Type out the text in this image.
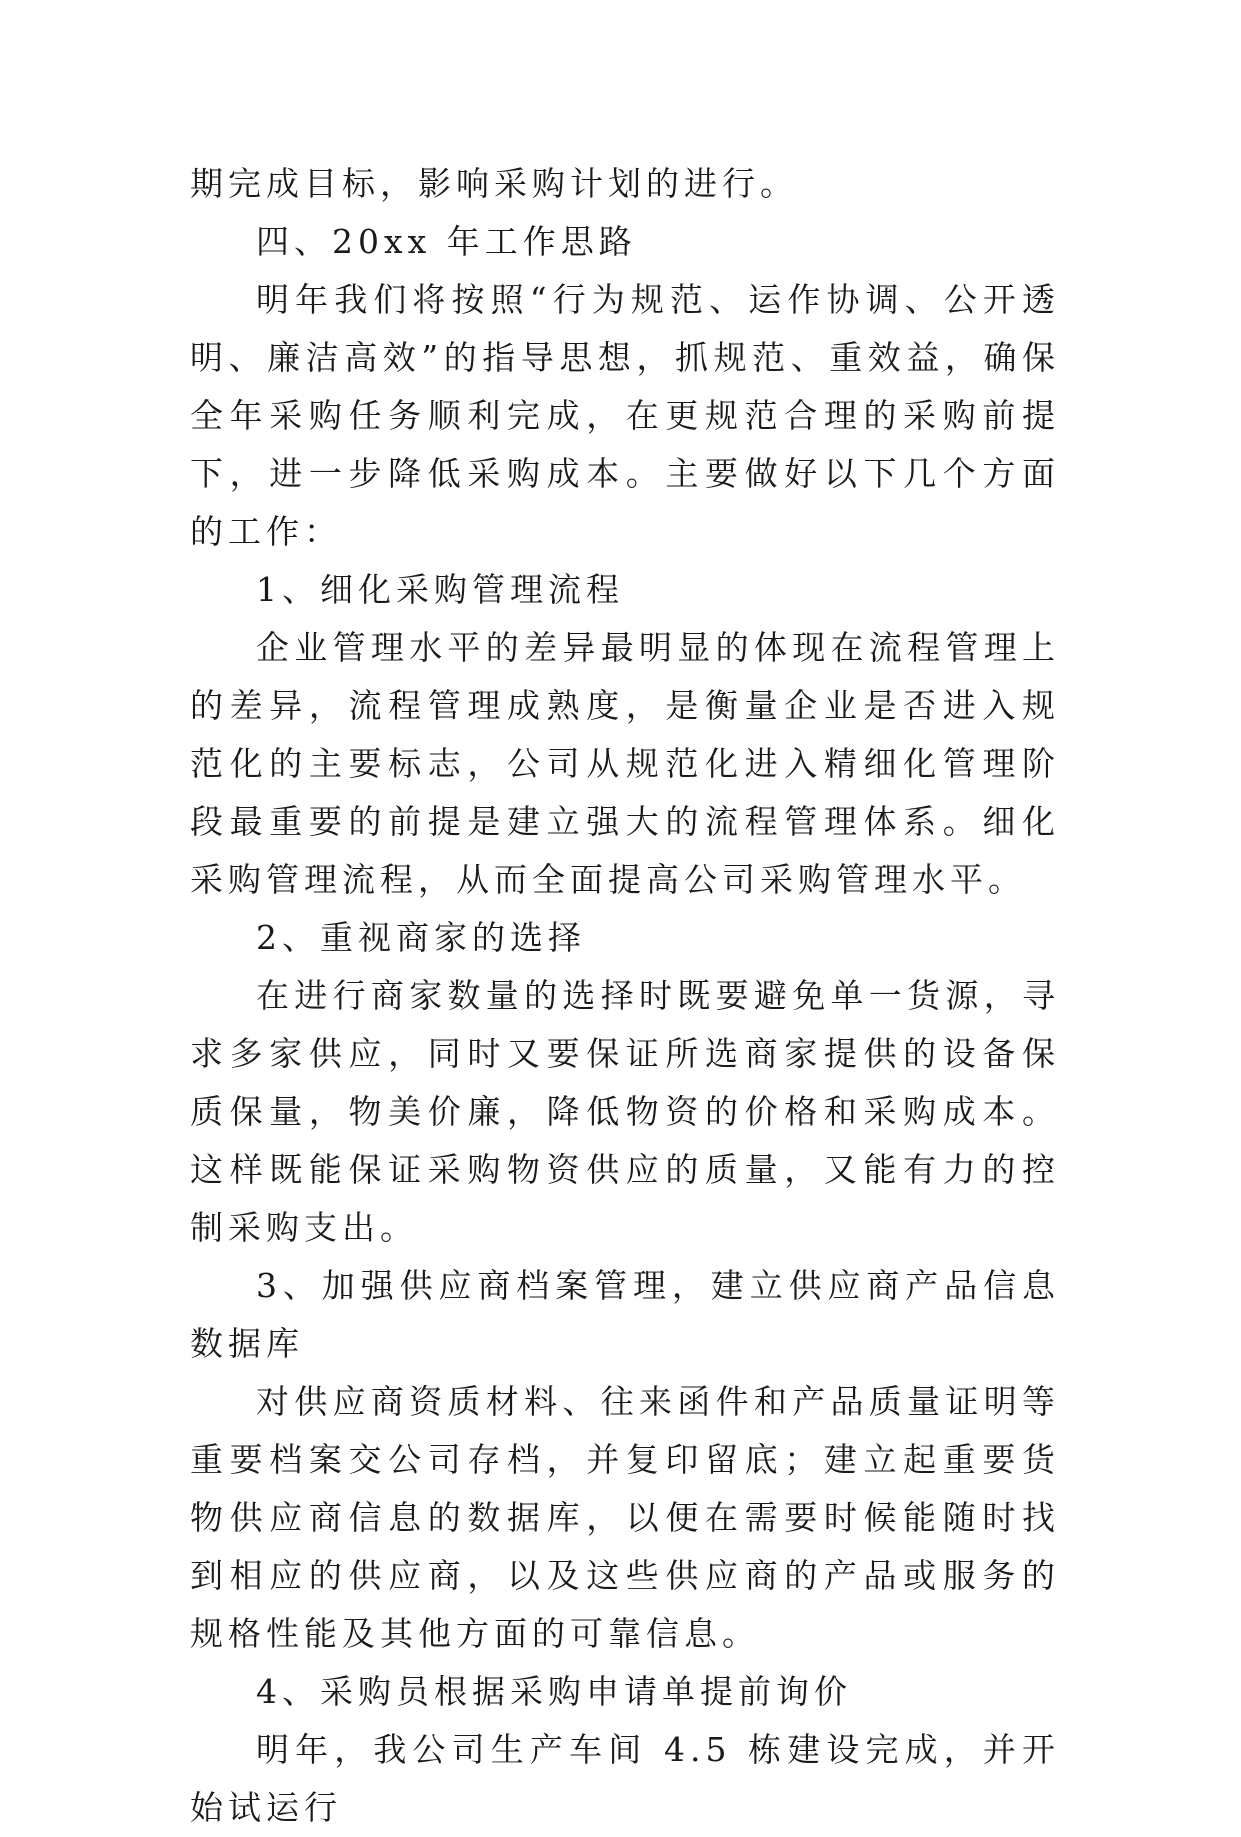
期完成目标，影响采购计划的进行。

四、20xx 年工作思路

明年我们将按照“行为规范、运作协调、公开透明、廉洁高效”的指导思想，抓规范、重效益，确保全年采购任务顺利完成，在更规范合理的采购前提下，进一步降低采购成本。主要做好以下几个方面的工作：

1、细化采购管理流程

企业管理水平的差异最明显的体现在流程管理上的差异，流程管理成熟度，是衡量企业是否进入规范化的主要标志，公司从规范化进入精细化管理阶段最重要的前提是建立强大的流程管理体系。细化采购管理流程，从而全面提高公司采购管理水平。

2、重视商家的选择

在进行商家数量的选择时既要避免单一货源，寻求多家供应，同时又要保证所选商家提供的设备保质保量，物美价廉，降低物资的价格和采购成本。这样既能保证采购物资供应的质量，又能有力的控制采购支出。

3、加强供应商档案管理，建立供应商产品信息数据库

对供应商资质材料、往来函件和产品质量证明等重要档案交公司存档，并复印留底；建立起重要货物供应商信息的数据库，以便在需要时候能随时找到相应的供应商，以及这些供应商的产品或服务的规格性能及其他方面的可靠信息。

4、采购员根据采购申请单提前询价

明年，我公司生产车间 4.5 栋建设完成，并开始试运行
